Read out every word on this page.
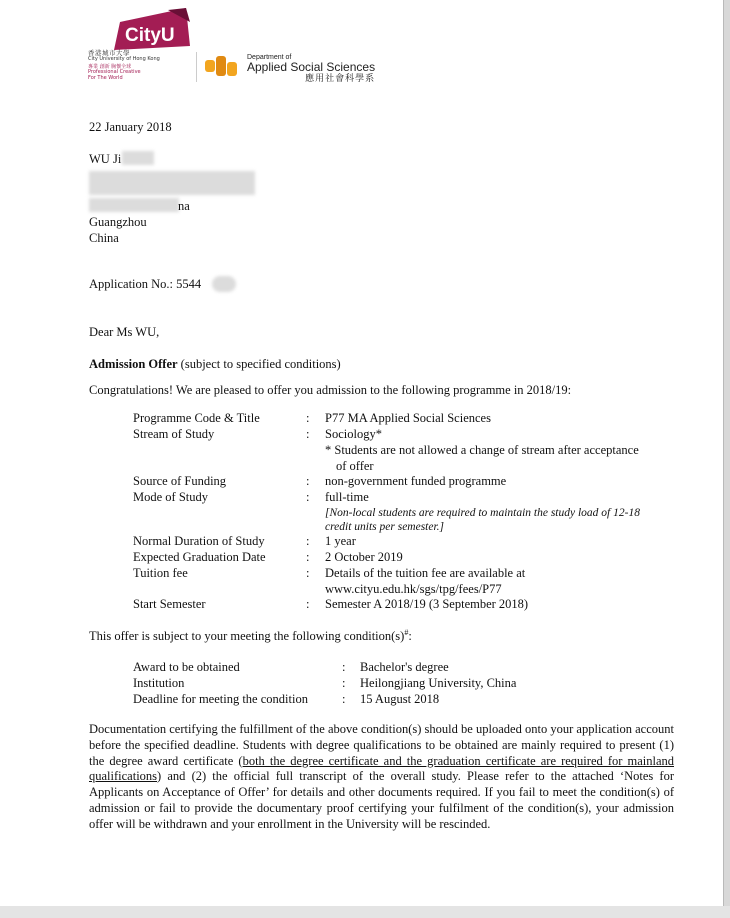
CityU
香港城市大學
City University of Hong Kong
專業 創新 胸懷全球
Professional Creative
For The World
Department of
Applied Social Sciences
應用社會科學系
22 January 2018
WU Ji
na
Guangzhou
China
Application No.: 5544
Dear Ms WU,
Admission Offer (subject to specified conditions)
Congratulations! We are pleased to offer you admission to the following programme in 2018/19:
Programme Code & Title	: P77 MA Applied Social Sciences
Stream of Study	: Sociology*
* Students are not allowed a change of stream after acceptance
of offer
Source of Funding	: non-government funded programme
Mode of Study	: full-time
[Non-local students are required to maintain the study load of 12-18
credit units per semester.]
Normal Duration of Study	: 1 year
Expected Graduation Date	: 2 October 2019
Tuition fee	: Details of the tuition fee are available at
www.cityu.edu.hk/sgs/tpg/fees/P77
Start Semester	: Semester A 2018/19 (3 September 2018)
This offer is subject to your meeting the following condition(s)#:
Award to be obtained	: Bachelor's degree
Institution	: Heilongjiang University, China
Deadline for meeting the condition	: 15 August 2018
Documentation certifying the fulfillment of the above condition(s) should be uploaded onto your application account before the specified deadline. Students with degree qualifications to be obtained are mainly required to present (1) the degree award certificate (both the degree certificate and the graduation certificate are required for mainland qualifications) and (2) the official full transcript of the overall study. Please refer to the attached ‘Notes for Applicants on Acceptance of Offer’ for details and other documents required. If you fail to meet the condition(s) of admission or fail to provide the documentary proof certifying your fulfilment of the condition(s), your admission offer will be withdrawn and your enrollment in the University will be rescinded.
